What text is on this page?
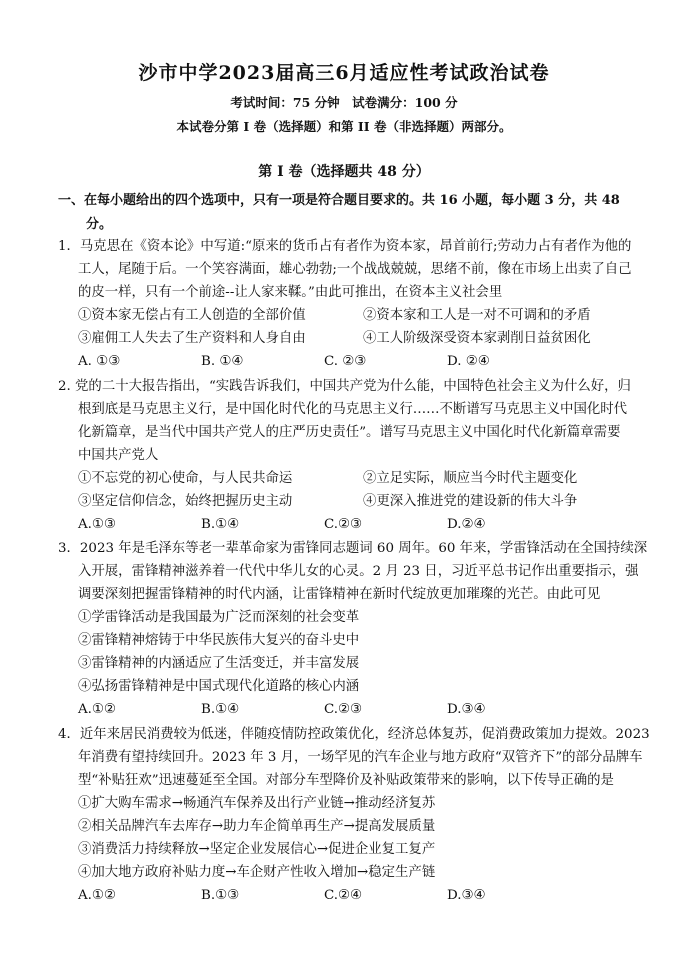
沙市中学2023届高三6月适应性考试政治试卷
考试时间：75 分钟　试卷满分：100 分
本试卷分第 I 卷（选择题）和第 II 卷（非选择题）两部分。
第 I 卷（选择题共 48 分）
一、在每小题给出的四个选项中，只有一项是符合题目要求的。共 16 小题，每小题 3 分，共 48
分。
1．马克思在《资本论》中写道:“原来的货币占有者作为资本家，昂首前行;劳动力占有者作为他的
工人，尾随于后。一个笑容满面，雄心勃勃;一个战战兢兢，思绪不前，像在市场上出卖了自己
的皮一样，只有一个前途--让人家来鞣。”由此可推出，在资本主义社会里
①资本家无偿占有工人创造的全部价值	②资本家和工人是一对不可调和的矛盾
③雇佣工人失去了生产资料和人身自由	④工人阶级深受资本家剥削日益贫困化
A. ①③	B. ①④	C. ②③	D. ②④
2. 党的二十大报告指出，“实践告诉我们，中国共产党为什么能，中国特色社会主义为什么好，归
根到底是马克思主义行，是中国化时代化的马克思主义行……不断谱写马克思主义中国化时代
化新篇章，是当代中国共产党人的庄严历史责任”。谱写马克思主义中国化时代化新篇章需要
中国共产党人
①不忘党的初心使命，与人民共命运	②立足实际，顺应当今时代主题变化
③坚定信仰信念，始终把握历史主动	④更深入推进党的建设新的伟大斗争
A.①③	B.①④	C.②③	D.②④
3．2023 年是毛泽东等老一辈革命家为雷锋同志题词 60 周年。60 年来，学雷锋活动在全国持续深
入开展，雷锋精神滋养着一代代中华儿女的心灵。2 月 23 日，习近平总书记作出重要指示，强
调要深刻把握雷锋精神的时代内涵，让雷锋精神在新时代绽放更加璀璨的光芒。由此可见
①学雷锋活动是我国最为广泛而深刻的社会变革
②雷锋精神熔铸于中华民族伟大复兴的奋斗史中
③雷锋精神的内涵适应了生活变迁，并丰富发展
④弘扬雷锋精神是中国式现代化道路的核心内涵
A.①②	B.①④	C.②③	D.③④
4．近年来居民消费较为低迷，伴随疫情防控政策优化，经济总体复苏，促消费政策加力提效。2023
年消费有望持续回升。2023 年 3 月，一场罕见的汽车企业与地方政府“双管齐下”的部分品牌车
型“补贴狂欢”迅速蔓延至全国。对部分车型降价及补贴政策带来的影响，以下传导正确的是
①扩大购车需求→畅通汽车保养及出行产业链→推动经济复苏
②相关品牌汽车去库存→助力车企简单再生产→提高发展质量
③消费活力持续释放→坚定企业发展信心→促进企业复工复产
④加大地方政府补贴力度→车企财产性收入增加→稳定生产链
A.①②	B.①③	C.②④	D.③④
